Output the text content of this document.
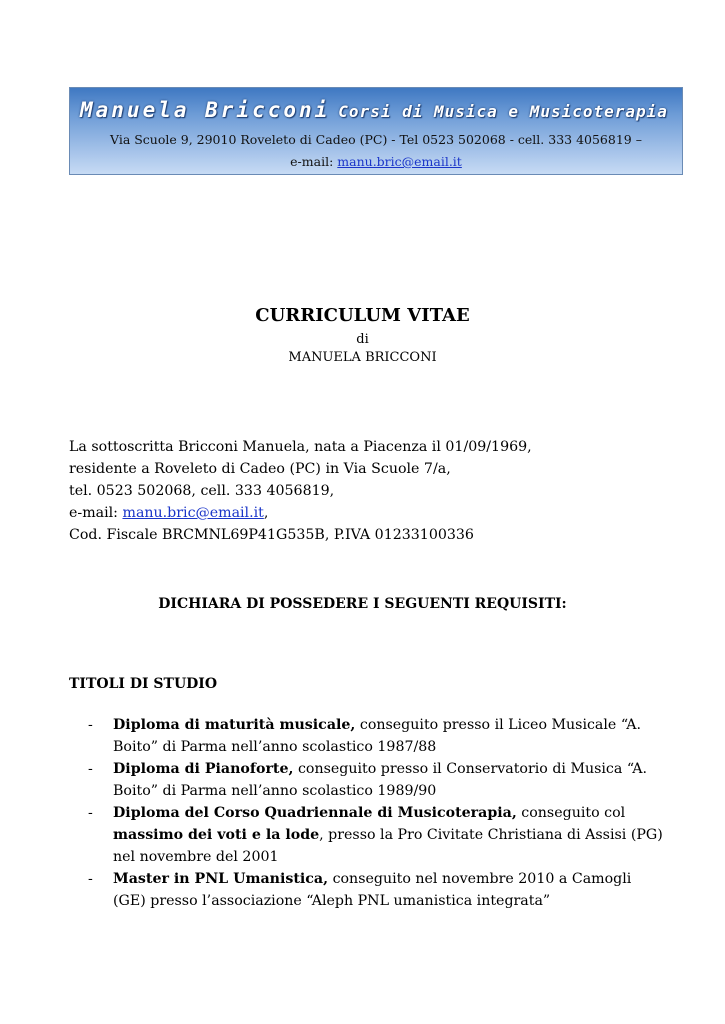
Manuela Bricconi Corsi di Musica e Musicoterapia
Via Scuole 9, 29010 Roveleto di Cadeo (PC) - Tel 0523 502068 - cell. 333 4056819 –
e-mail: manu.bric@email.it
CURRICULUM VITAE
di
MANUELA BRICCONI
La sottoscritta Bricconi Manuela, nata a Piacenza il 01/09/1969,
residente a Roveleto di Cadeo (PC) in Via Scuole 7/a,
tel. 0523 502068, cell. 333 4056819,
e-mail: manu.bric@email.it,
Cod. Fiscale BRCMNL69P41G535B, P.IVA 01233100336
DICHIARA DI POSSEDERE I SEGUENTI REQUISITI:
TITOLI DI STUDIO
- Diploma di maturità musicale, conseguito presso il Liceo Musicale “A.
Boito” di Parma nell’anno scolastico 1987/88
- Diploma di Pianoforte, conseguito presso il Conservatorio di Musica “A.
Boito” di Parma nell’anno scolastico 1989/90
- Diploma del Corso Quadriennale di Musicoterapia, conseguito col
massimo dei voti e la lode, presso la Pro Civitate Christiana di Assisi (PG)
nel novembre del 2001
- Master in PNL Umanistica, conseguito nel novembre 2010 a Camogli
(GE) presso l’associazione “Aleph PNL umanistica integrata”
